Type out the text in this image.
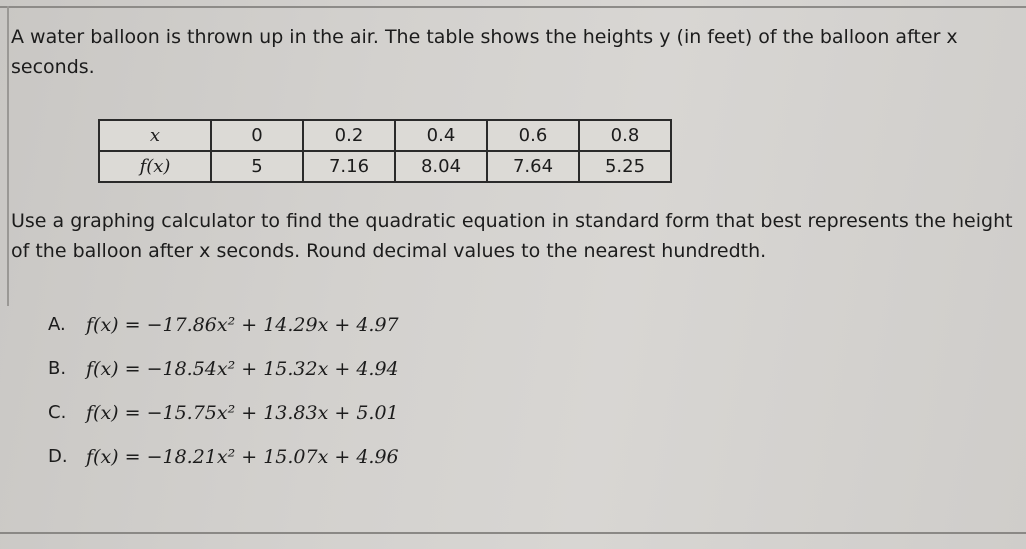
A water balloon is thrown up in the air. The table shows the heights y (in feet) of the balloon after x seconds.

x	0	0.2	0.4	0.6	0.8
f(x)	5	7.16	8.04	7.64	5.25

Use a graphing calculator to find the quadratic equation in standard form that best represents the height of the balloon after x seconds. Round decimal values to the nearest hundredth.

A.	f(x) = −17.86x² + 14.29x + 4.97
B.	f(x) = −18.54x² + 15.32x + 4.94
C.	f(x) = −15.75x² + 13.83x + 5.01
D. f(x) = −18.21x² + 15.07x + 4.96
